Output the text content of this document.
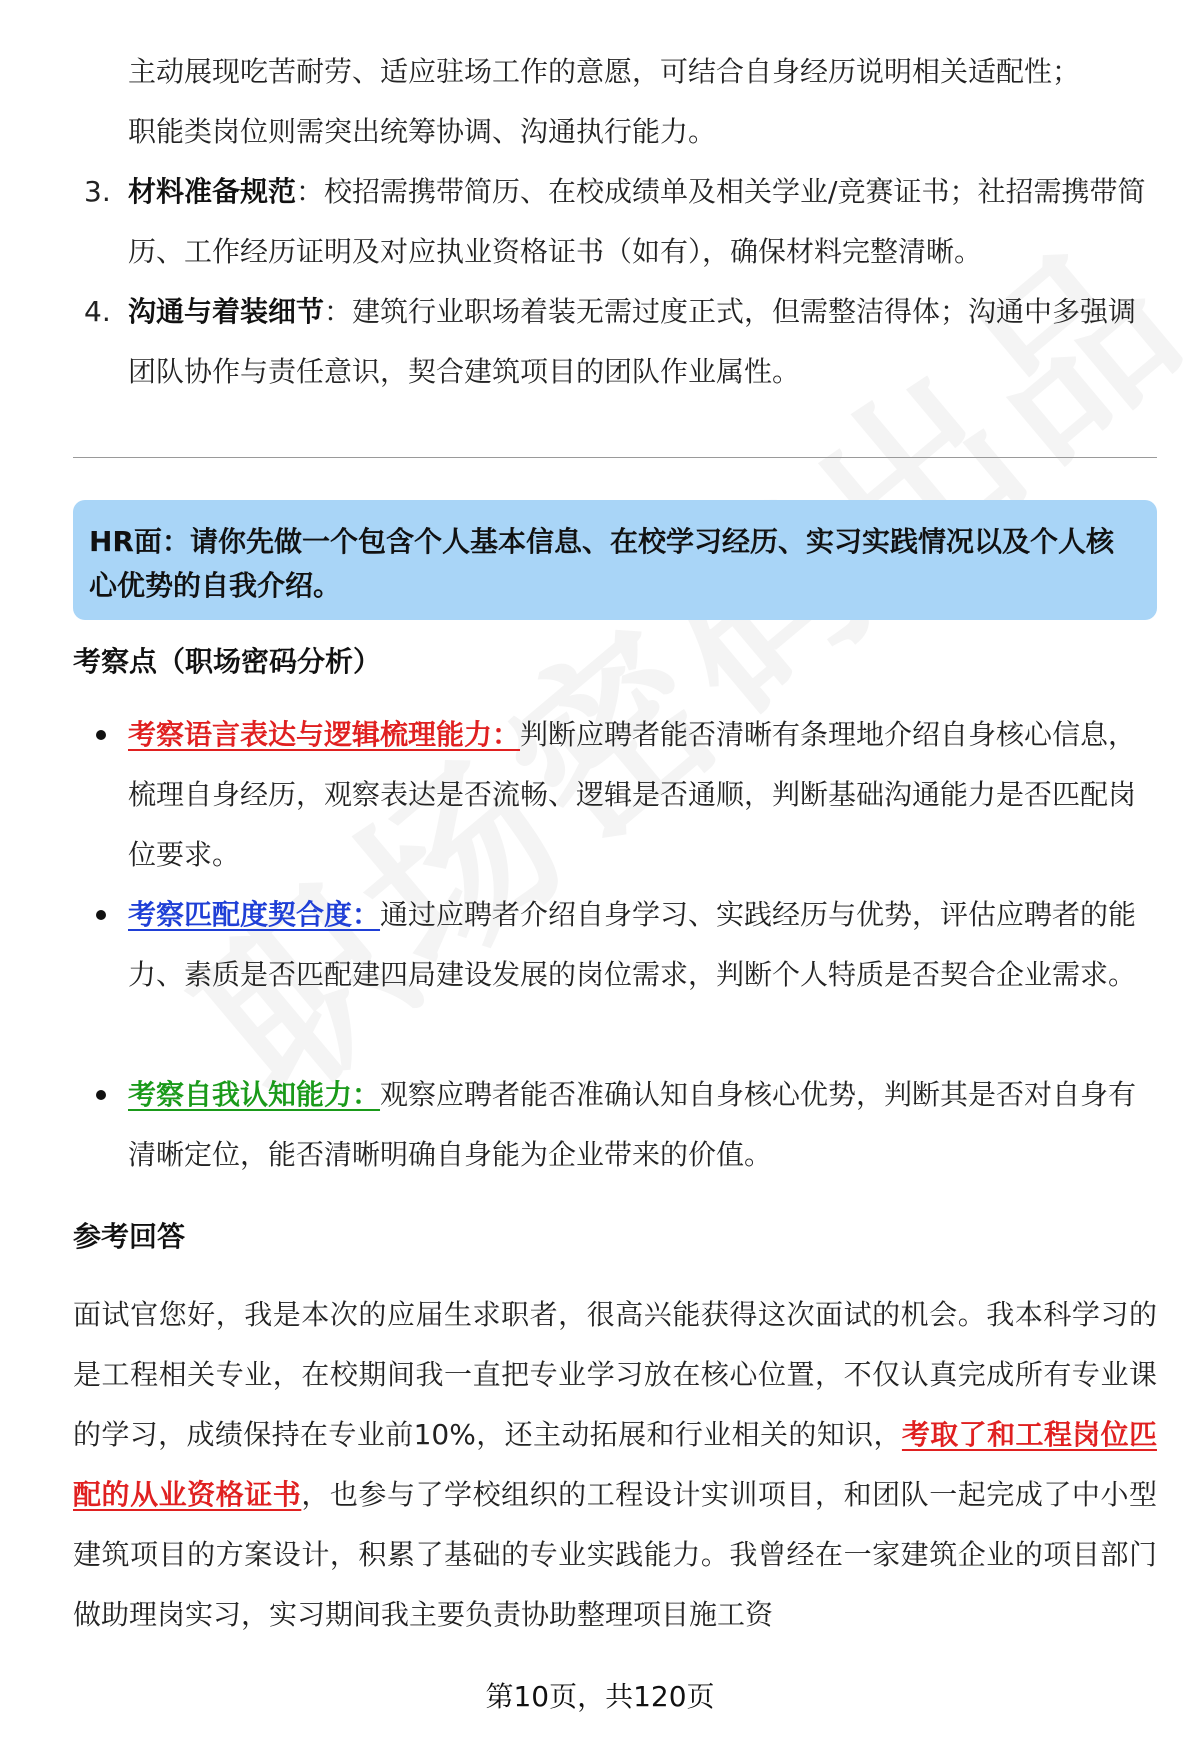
主动展现吃苦耐劳、适应驻场工作的意愿，可结合自身经历说明相关适配性；
职能类岗位则需突出统筹协调、沟通执行能力。
3. 材料准备规范：校招需携带简历、在校成绩单及相关学业/竞赛证书；社招需携带简历、工作经历证明及对应执业资格证书（如有），确保材料完整清晰。
4. 沟通与着装细节：建筑行业职场着装无需过度正式，但需整洁得体；沟通中多强调团队协作与责任意识，契合建筑项目的团队作业属性。
HR面：请你先做一个包含个人基本信息、在校学习经历、实习实践情况以及个人核心优势的自我介绍。
考察点（职场密码分析）
考察语言表达与逻辑梳理能力：判断应聘者能否清晰有条理地介绍自身核心信息，梳理自身经历，观察表达是否流畅、逻辑是否通顺，判断基础沟通能力是否匹配岗位要求。
考察匹配度契合度：通过应聘者介绍自身学习、实践经历与优势，评估应聘者的能力、素质是否匹配建四局建设发展的岗位需求，判断个人特质是否契合企业需求。
考察自我认知能力：观察应聘者能否准确认知自身核心优势，判断其是否对自身有清晰定位，能否清晰明确自身能为企业带来的价值。
参考回答
面试官您好，我是本次的应届生求职者，很高兴能获得这次面试的机会。我本科学习的是工程相关专业，在校期间我一直把专业学习放在核心位置，不仅认真完成所有专业课的学习，成绩保持在专业前10%，还主动拓展和行业相关的知识，考取了和工程岗位匹配的从业资格证书，也参与了学校组织的工程设计实训项目，和团队一起完成了中小型建筑项目的方案设计，积累了基础的专业实践能力。我曾经在一家建筑企业的项目部门做助理岗实习，实习期间我主要负责协助整理项目施工资
第10页，共120页
